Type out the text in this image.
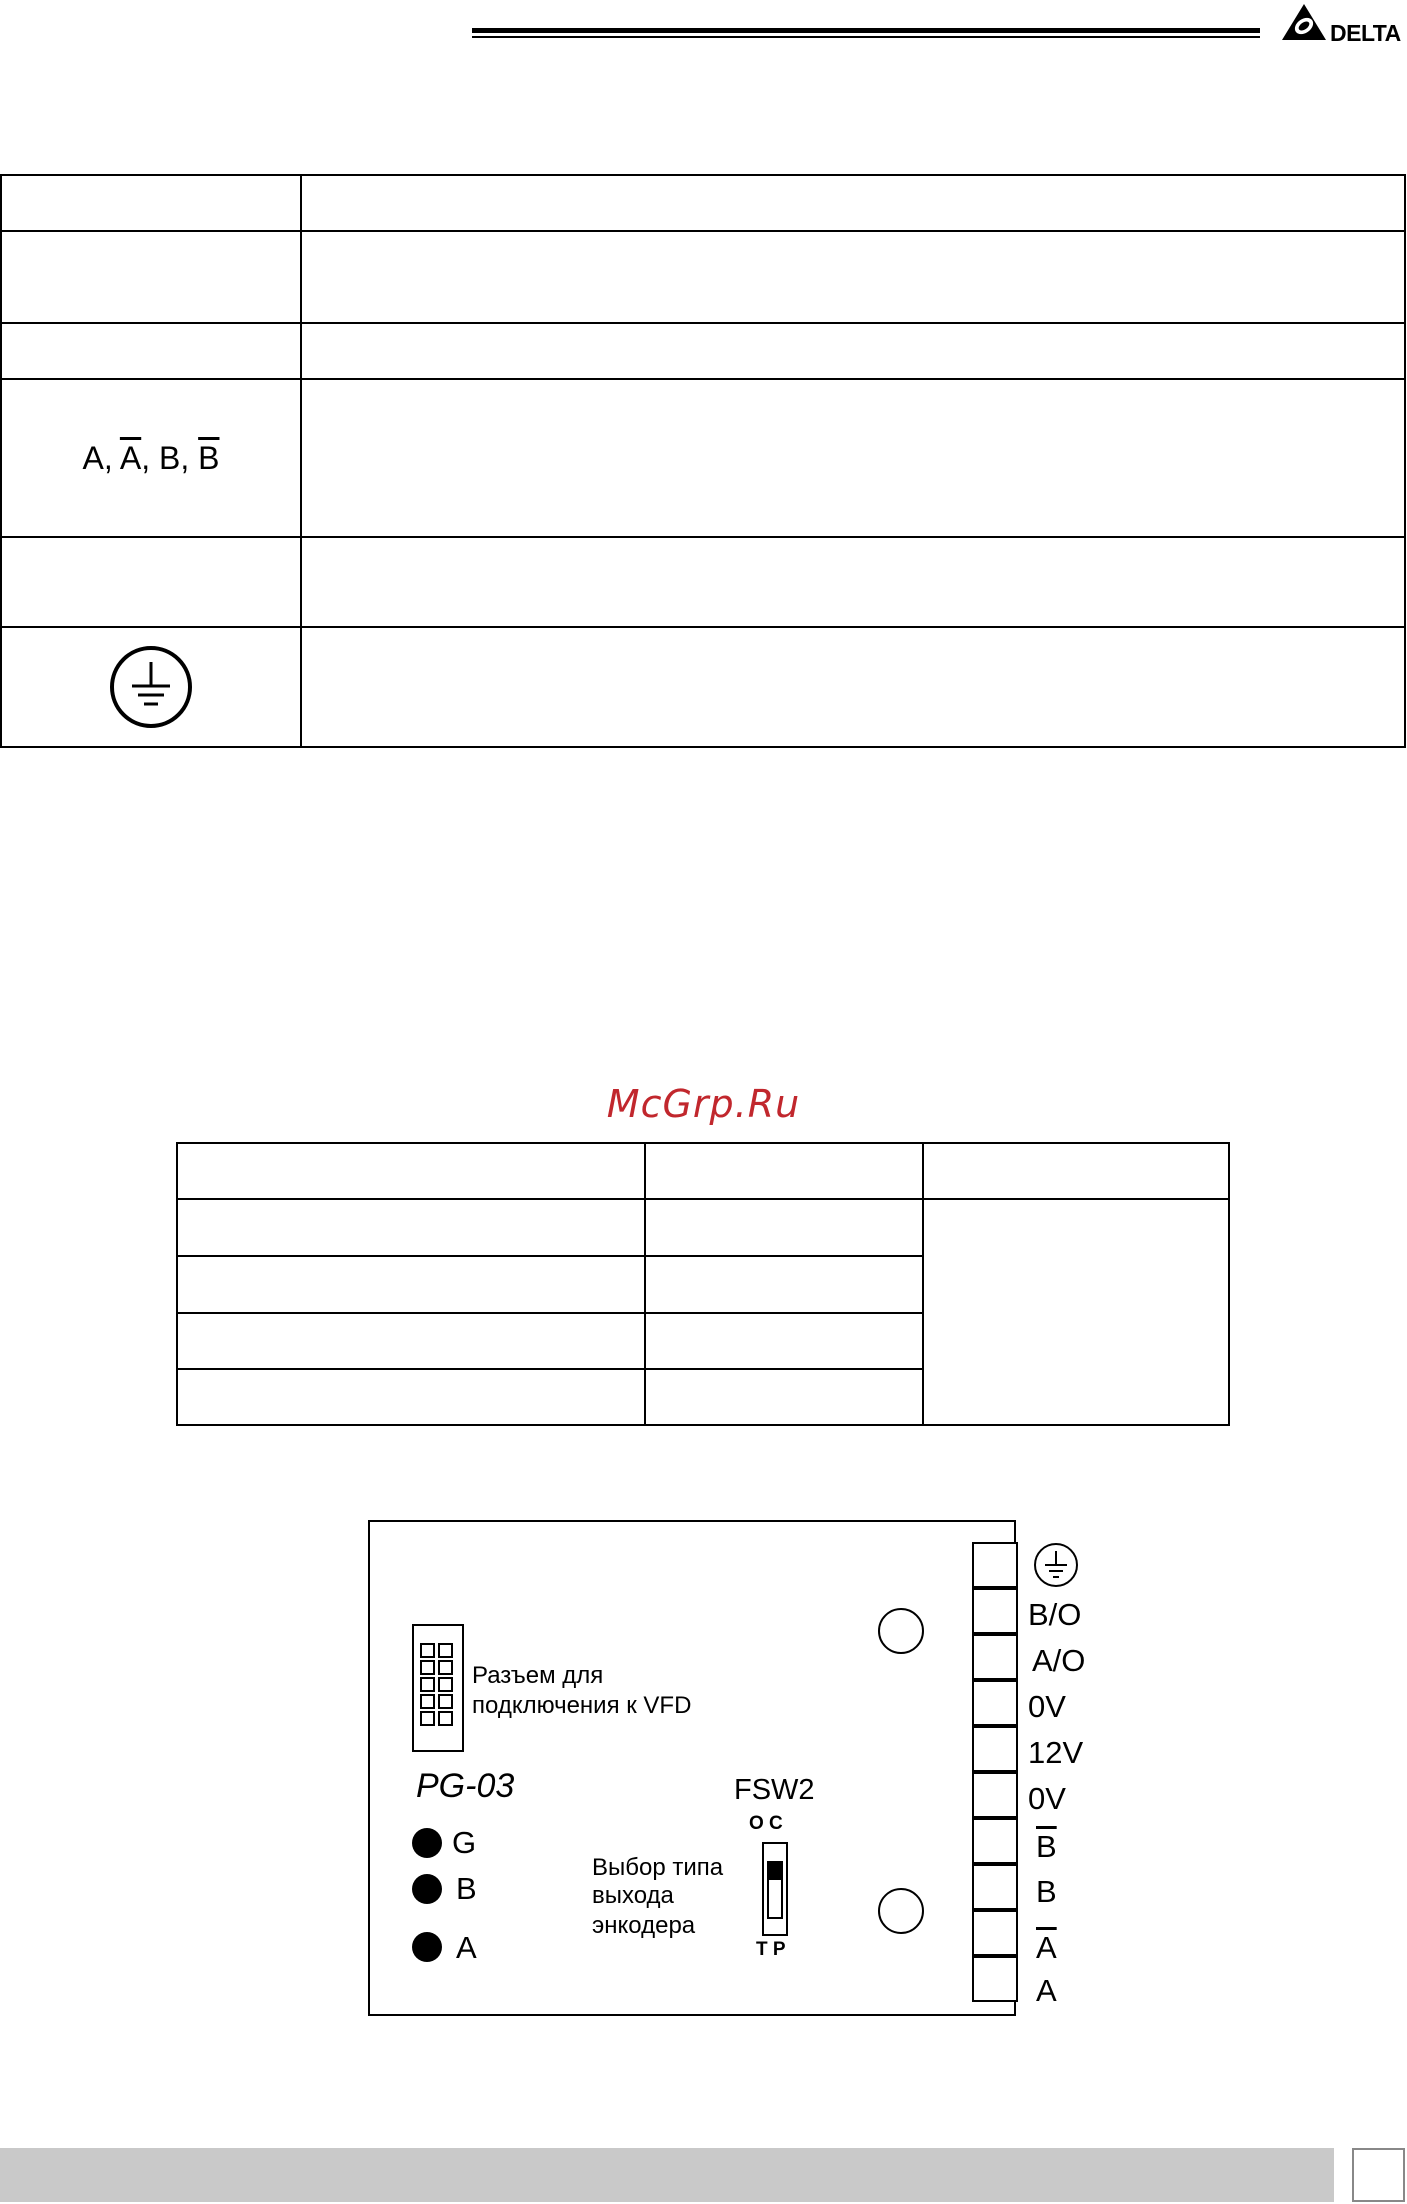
DELTA

A, $\overline{A}$, B, $\overline{B}$	

McGrp.Ru

Разъем для
подключения к VFD
PG-03
G
B
A
FSW2
O C
T P
Выбор типа
выхода
энкодера
B/O
A/O
0V
12V
0V
$\overline{B}$
B
$\overline{A}$
A
